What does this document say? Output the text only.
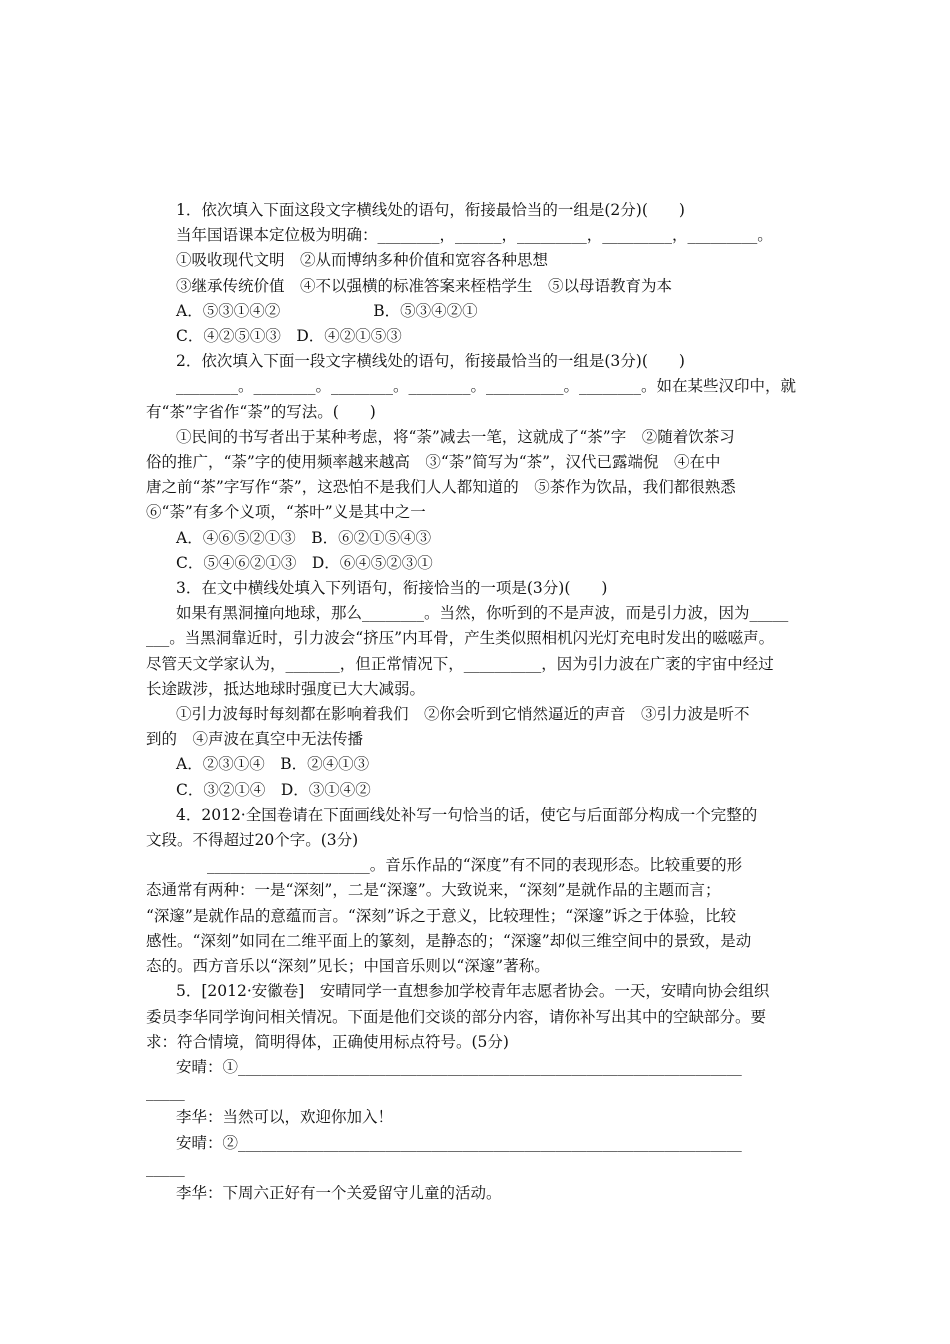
1．依次填入下面这段文字横线处的语句，衔接最恰当的一组是(2分)(　　)
当年国语课本定位极为明确：________，______，_________，_________，_________。
①吸收现代文明　②从而博纳多种价值和宽容各种思想
③继承传统价值　④不以强横的标准答案来桎梏学生　⑤以母语教育为本
A．⑤③①④②　　　　　　B．⑤③④②①
C．④②⑤①③　D．④②①⑤③
2．依次填入下面一段文字横线处的语句，衔接最恰当的一组是(3分)(　　)
________。________。________。________。__________。________。如在某些汉印中，就
有“茶”字省作“荼”的写法。(　　)
①民间的书写者出于某种考虑，将“荼”减去一笔，这就成了“茶”字　②随着饮茶习
俗的推广，“荼”字的使用频率越来越高　③“荼”简写为“茶”，汉代已露端倪　④在中
唐之前“茶”字写作“荼”，这恐怕不是我们人人都知道的　⑤茶作为饮品，我们都很熟悉
⑥“荼”有多个义项，“茶叶”义是其中之一
A．④⑥⑤②①③　B．⑥②①⑤④③
C．⑤④⑥②①③　D．⑥④⑤②③①
3．在文中横线处填入下列语句，衔接恰当的一项是(3分)(　　)
如果有黑洞撞向地球，那么________。当然，你听到的不是声波，而是引力波，因为_____
___。当黑洞靠近时，引力波会“挤压”内耳骨，产生类似照相机闪光灯充电时发出的嗞嗞声。
尽管天文学家认为，_______，但正常情况下，__________，因为引力波在广袤的宇宙中经过
长途跋涉，抵达地球时强度已大大减弱。
①引力波每时每刻都在影响着我们　②你会听到它悄然逼近的声音　③引力波是听不
到的　④声波在真空中无法传播
A．②③①④　B．②④①③
C．③②①④　D．③①④②
4．2012·全国卷请在下面画线处补写一句恰当的话，使它与后面部分构成一个完整的
文段。不得超过20个字。(3分)
　　_____________________。音乐作品的“深度”有不同的表现形态。比较重要的形
态通常有两种：一是“深刻”，二是“深邃”。大致说来，“深刻”是就作品的主题而言；
“深邃”是就作品的意蕴而言。“深刻”诉之于意义，比较理性；“深邃”诉之于体验，比较
感性。“深刻”如同在二维平面上的篆刻，是静态的；“深邃”却似三维空间中的景致，是动
态的。西方音乐以“深刻”见长；中国音乐则以“深邃”著称。
5．[2012·安徽卷]　安晴同学一直想参加学校青年志愿者协会。一天，安晴向协会组织
委员李华同学询问相关情况。下面是他们交谈的部分内容，请你补写出其中的空缺部分。要
求：符合情境，简明得体，正确使用标点符号。(5分)
安晴：①_________________________________________________________________
_____
李华：当然可以，欢迎你加入！
安晴：②_________________________________________________________________
_____
李华：下周六正好有一个关爱留守儿童的活动。
